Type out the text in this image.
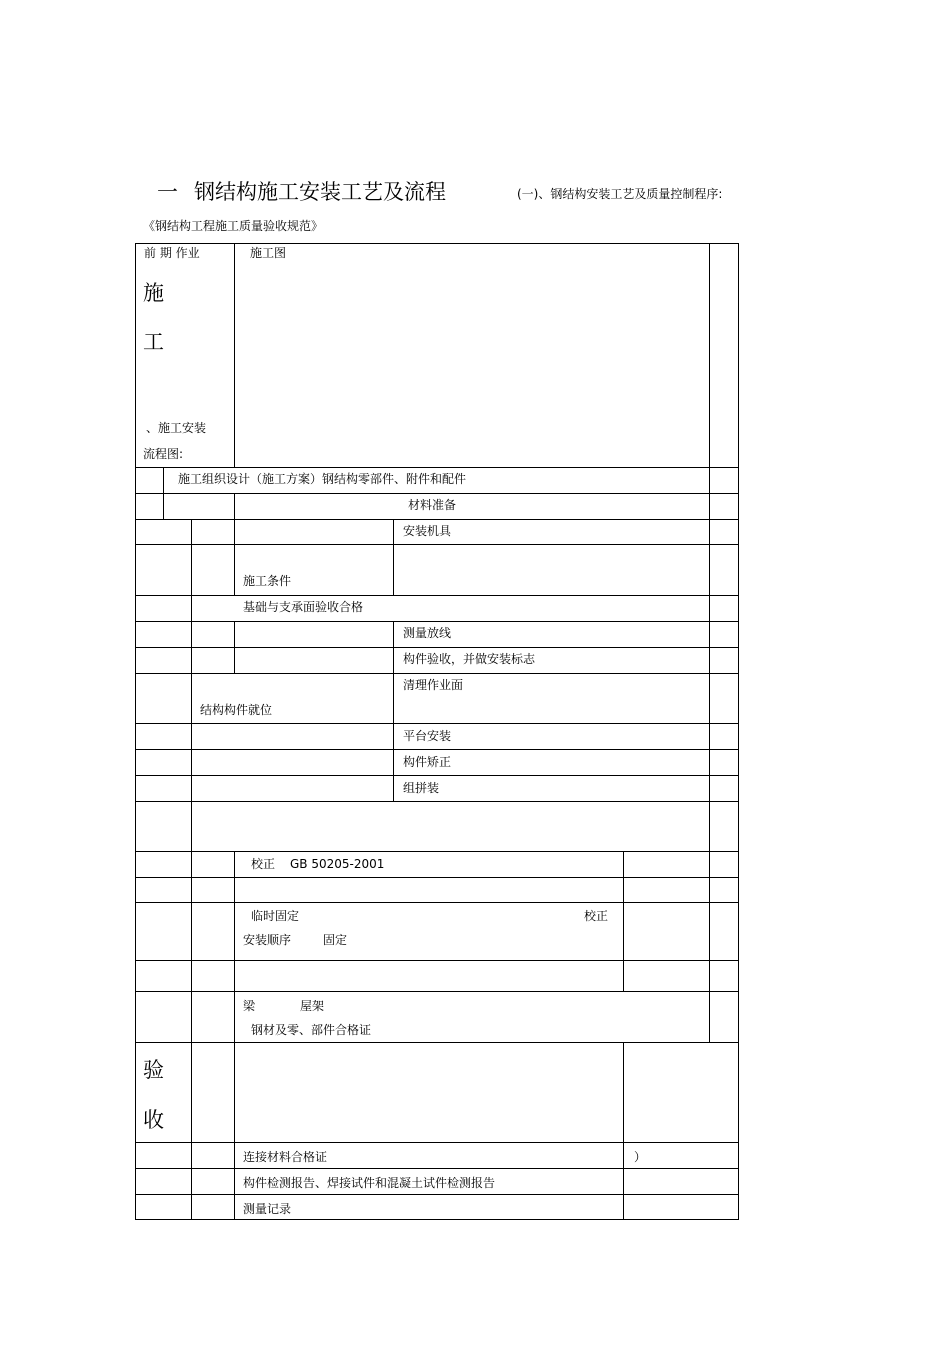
一 钢结构施工安装工艺及流程	(一)、钢结构安装工艺及质量控制程序:
《钢结构工程施工质量验收规范》
前 期 作业	施工图
施
工
、施工安装
流程图:
施工组织设计（施工方案）钢结构零部件、附件和配件
材料准备
安装机具
施工条件
基础与支承面验收合格
测量放线
构件验收，并做安装标志
清理作业面
结构构件就位
平台安装
构件矫正
组拼装
校正 GB 50205-2001
临时固定	校正
安装顺序	固定
梁	屋架
钢材及零、部件合格证
验
收
连接材料合格证	）
构件检测报告、焊接试件和混凝土试件检测报告
测量记录
